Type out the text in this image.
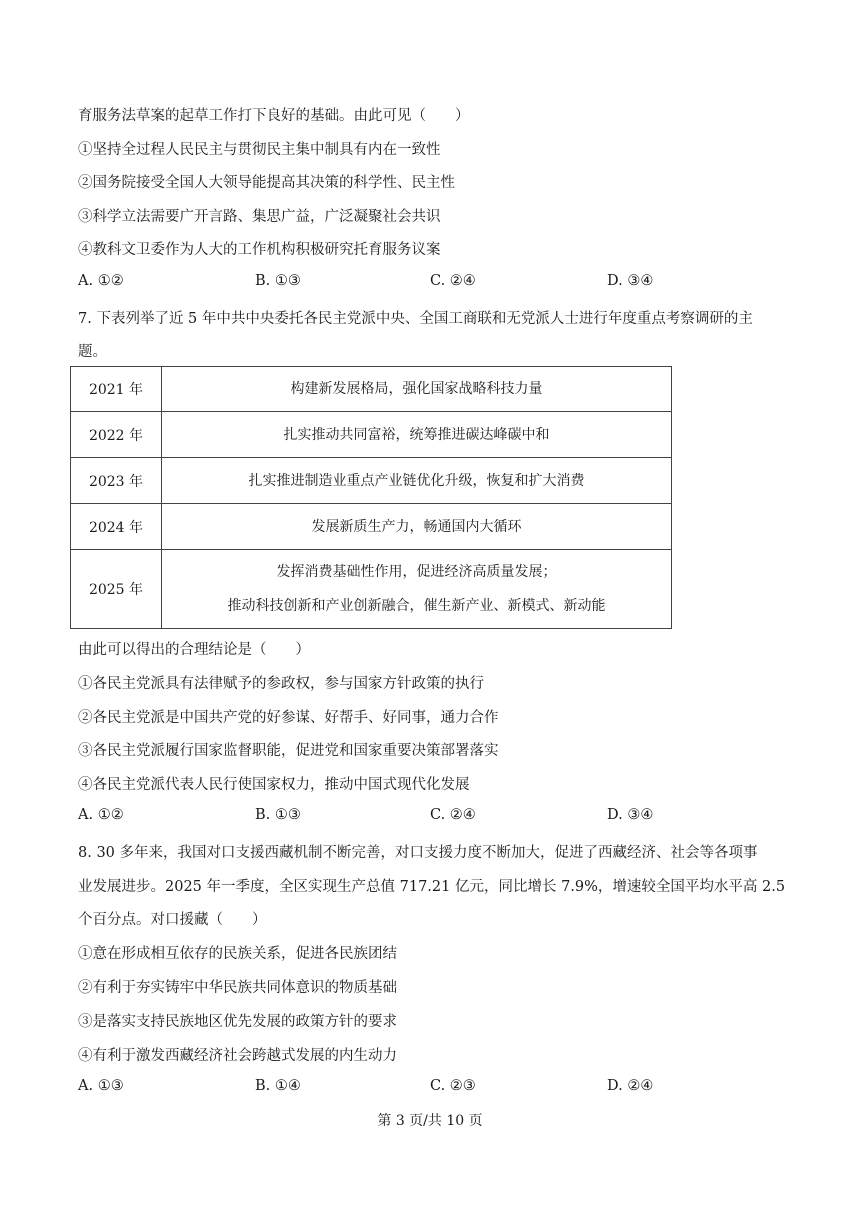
育服务法草案的起草工作打下良好的基础。由此可见（　　）
①坚持全过程人民民主与贯彻民主集中制具有内在一致性
②国务院接受全国人大领导能提高其决策的科学性、民主性
③科学立法需要广开言路、集思广益，广泛凝聚社会共识
④教科文卫委作为人大的工作机构积极研究托育服务议案
A. ①②	B. ①③	C. ②④	D. ③④
7. 下表列举了近 5 年中共中央委托各民主党派中央、全国工商联和无党派人士进行年度重点考察调研的主
题。
2021 年	构建新发展格局，强化国家战略科技力量

2022 年	扎实推动共同富裕，统筹推进碳达峰碳中和

2023 年	扎实推进制造业重点产业链优化升级，恢复和扩大消费

2024 年	发展新质生产力，畅通国内大循环

2025 年	发挥消费基础性作用，促进经济高质量发展；
推动科技创新和产业创新融合，催生新产业、新模式、新动能
由此可以得出的合理结论是（　　）
①各民主党派具有法律赋予的参政权，参与国家方针政策的执行
②各民主党派是中国共产党的好参谋、好帮手、好同事，通力合作
③各民主党派履行国家监督职能，促进党和国家重要决策部署落实
④各民主党派代表人民行使国家权力，推动中国式现代化发展
A. ①②	B. ①③	C. ②④	D. ③④
8. 30 多年来，我国对口支援西藏机制不断完善，对口支援力度不断加大，促进了西藏经济、社会等各项事
业发展进步。2025 年一季度，全区实现生产总值 717.21 亿元，同比增长 7.9%，增速较全国平均水平高 2.5
个百分点。对口援藏（　　）
①意在形成相互依存的民族关系，促进各民族团结
②有利于夯实铸牢中华民族共同体意识的物质基础
③是落实支持民族地区优先发展的政策方针的要求
④有利于激发西藏经济社会跨越式发展的内生动力
A. ①③	B. ①④	C. ②③	D. ②④
第 3 页/共 10 页
